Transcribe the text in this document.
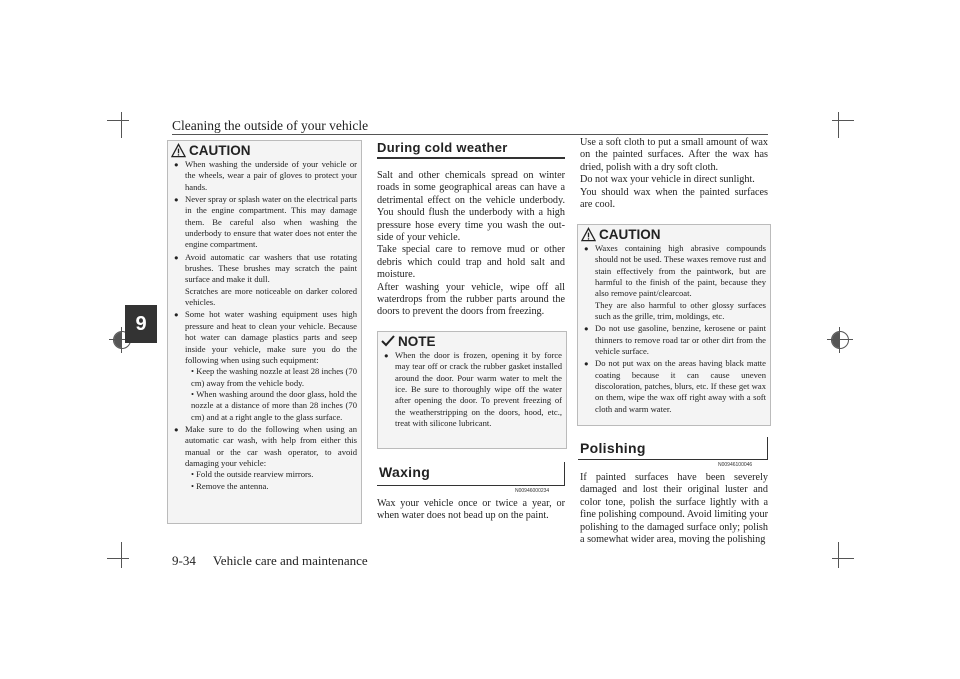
Cleaning the outside of your vehicle
9
CAUTION
● When washing the underside of your vehicle or the wheels, wear a pair of gloves to protect your hands.
● Never spray or splash water on the electrical parts in the engine compartment. This may damage them. Be careful also when washing the underbody to ensure that water does not enter the engine compartment.
● Avoid automatic car washers that use rotating brushes. These brushes may scratch the paint surface and make it dull.
Scratches are more noticeable on darker colored vehicles.
● Some hot water washing equipment uses high pressure and heat to clean your vehicle. Because hot water can damage plastics parts and seep inside your vehicle, make sure you do the following when using such equipment:
• Keep the washing nozzle at least 28 inches (70 cm) away from the vehicle body.
• When washing around the door glass, hold the nozzle at a distance of more than 28 inches (70 cm) and at a right angle to the glass surface.
● Make sure to do the following when using an automatic car wash, with help from either this manual or the car wash operator, to avoid damaging your vehicle:
• Fold the outside rearview mirrors.
• Remove the antenna.
During cold weather

Salt and other chemicals spread on winter roads in some geographical areas can have a detrimental effect on the vehicle underbody. You should flush the underbody with a high pressure hose every time you wash the out-side of your vehicle.
Take special care to remove mud or other debris which could trap and hold salt and moisture.
After washing your vehicle, wipe off all waterdrops from the rubber parts around the doors to prevent the doors from freezing.

NOTE
● When the door is frozen, opening it by force may tear off or crack the rubber gasket installed around the door. Pour warm water to melt the ice. Be sure to thoroughly wipe off the water after opening the door. To prevent freezing of the weatherstripping on the doors, hood, etc., treat with silicone lubricant.
Waxing
N00946000234

Wax your vehicle once or twice a year, or when water does not bead up on the paint.

Use a soft cloth to put a small amount of wax on the painted surfaces. After the wax has dried, polish with a dry soft cloth.
Do not wax your vehicle in direct sunlight.
You should wax when the painted surfaces are cool.

CAUTION
● Waxes containing high abrasive compounds should not be used. These waxes remove rust and stain effectively from the paintwork, but are harmful to the finish of the paint, because they also remove paint/clearcoat.
They are also harmful to other glossy surfaces such as the grille, trim, moldings, etc.
● Do not use gasoline, benzine, kerosene or paint thinners to remove road tar or other dirt from the vehicle surface.
● Do not put wax on the areas having black matte coating because it can cause uneven discoloration, patches, blurs, etc. If these get wax on them, wipe the wax off right away with a soft cloth and warm water.
Polishing
N00946100046

If painted surfaces have been severely damaged and lost their original luster and color tone, polish the surface lightly with a fine polishing compound. Avoid limiting your polishing to the damaged surface only; polish a somewhat wider area, moving the polishing

9-34 Vehicle care and maintenance
